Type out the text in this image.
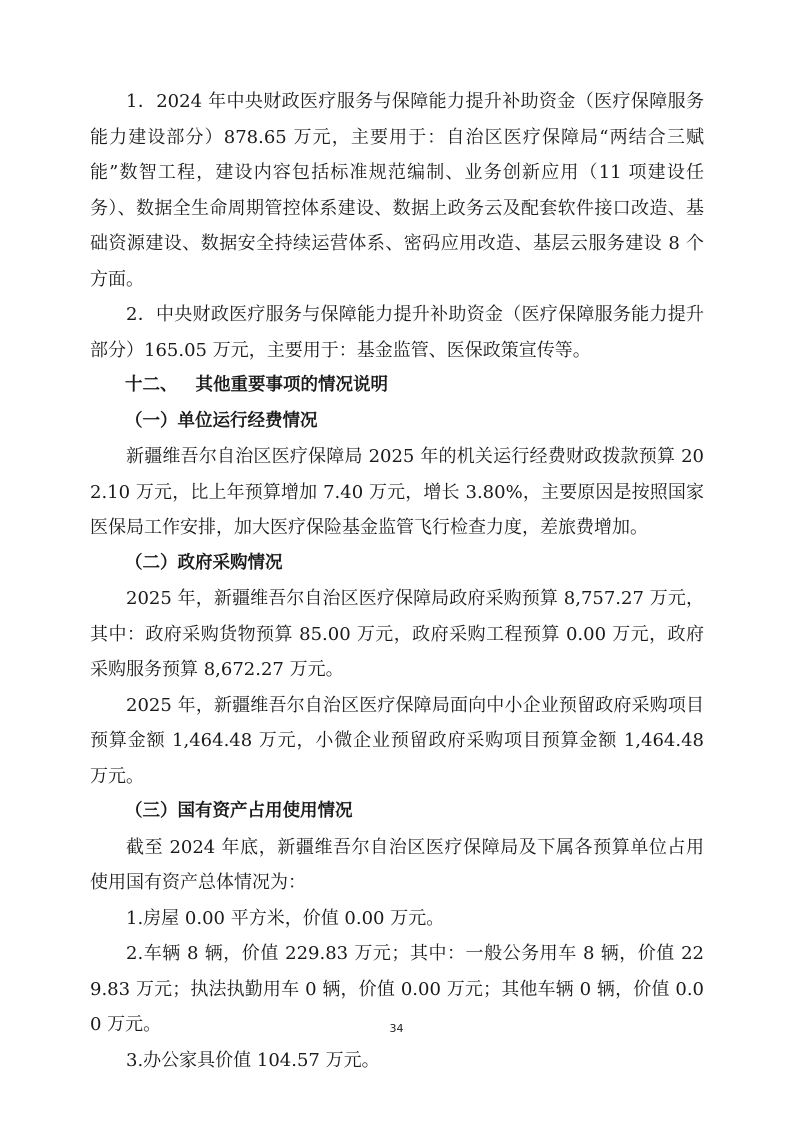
1．2024 年中央财政医疗服务与保障能力提升补助资金（医疗保障服务能力建设部分）878.65 万元，主要用于：自治区医疗保障局“两结合三赋能”数智工程，建设内容包括标准规范编制、业务创新应用（11 项建设任务）、数据全生命周期管控体系建设、数据上政务云及配套软件接口改造、基础资源建设、数据安全持续运营体系、密码应用改造、基层云服务建设 8 个方面。

2．中央财政医疗服务与保障能力提升补助资金（医疗保障服务能力提升部分）165.05 万元，主要用于：基金监管、医保政策宣传等。

十二、 其他重要事项的情况说明

（一）单位运行经费情况

新疆维吾尔自治区医疗保障局 2025 年的机关运行经费财政拨款预算 202.10 万元，比上年预算增加 7.40 万元，增长 3.80%，主要原因是按照国家医保局工作安排，加大医疗保险基金监管飞行检查力度，差旅费增加。

（二）政府采购情况

2025 年，新疆维吾尔自治区医疗保障局政府采购预算 8,757.27 万元，其中：政府采购货物预算 85.00 万元，政府采购工程预算 0.00 万元，政府采购服务预算 8,672.27 万元。

2025 年，新疆维吾尔自治区医疗保障局面向中小企业预留政府采购项目预算金额 1,464.48 万元，小微企业预留政府采购项目预算金额 1,464.48 万元。

（三）国有资产占用使用情况

截至 2024 年底，新疆维吾尔自治区医疗保障局及下属各预算单位占用使用国有资产总体情况为：

1.房屋 0.00 平方米，价值 0.00 万元。

2.车辆 8 辆，价值 229.83 万元；其中：一般公务用车 8 辆，价值 229.83 万元；执法执勤用车 0 辆，价值 0.00 万元；其他车辆 0 辆，价值 0.00 万元。

3.办公家具价值 104.57 万元。

34
